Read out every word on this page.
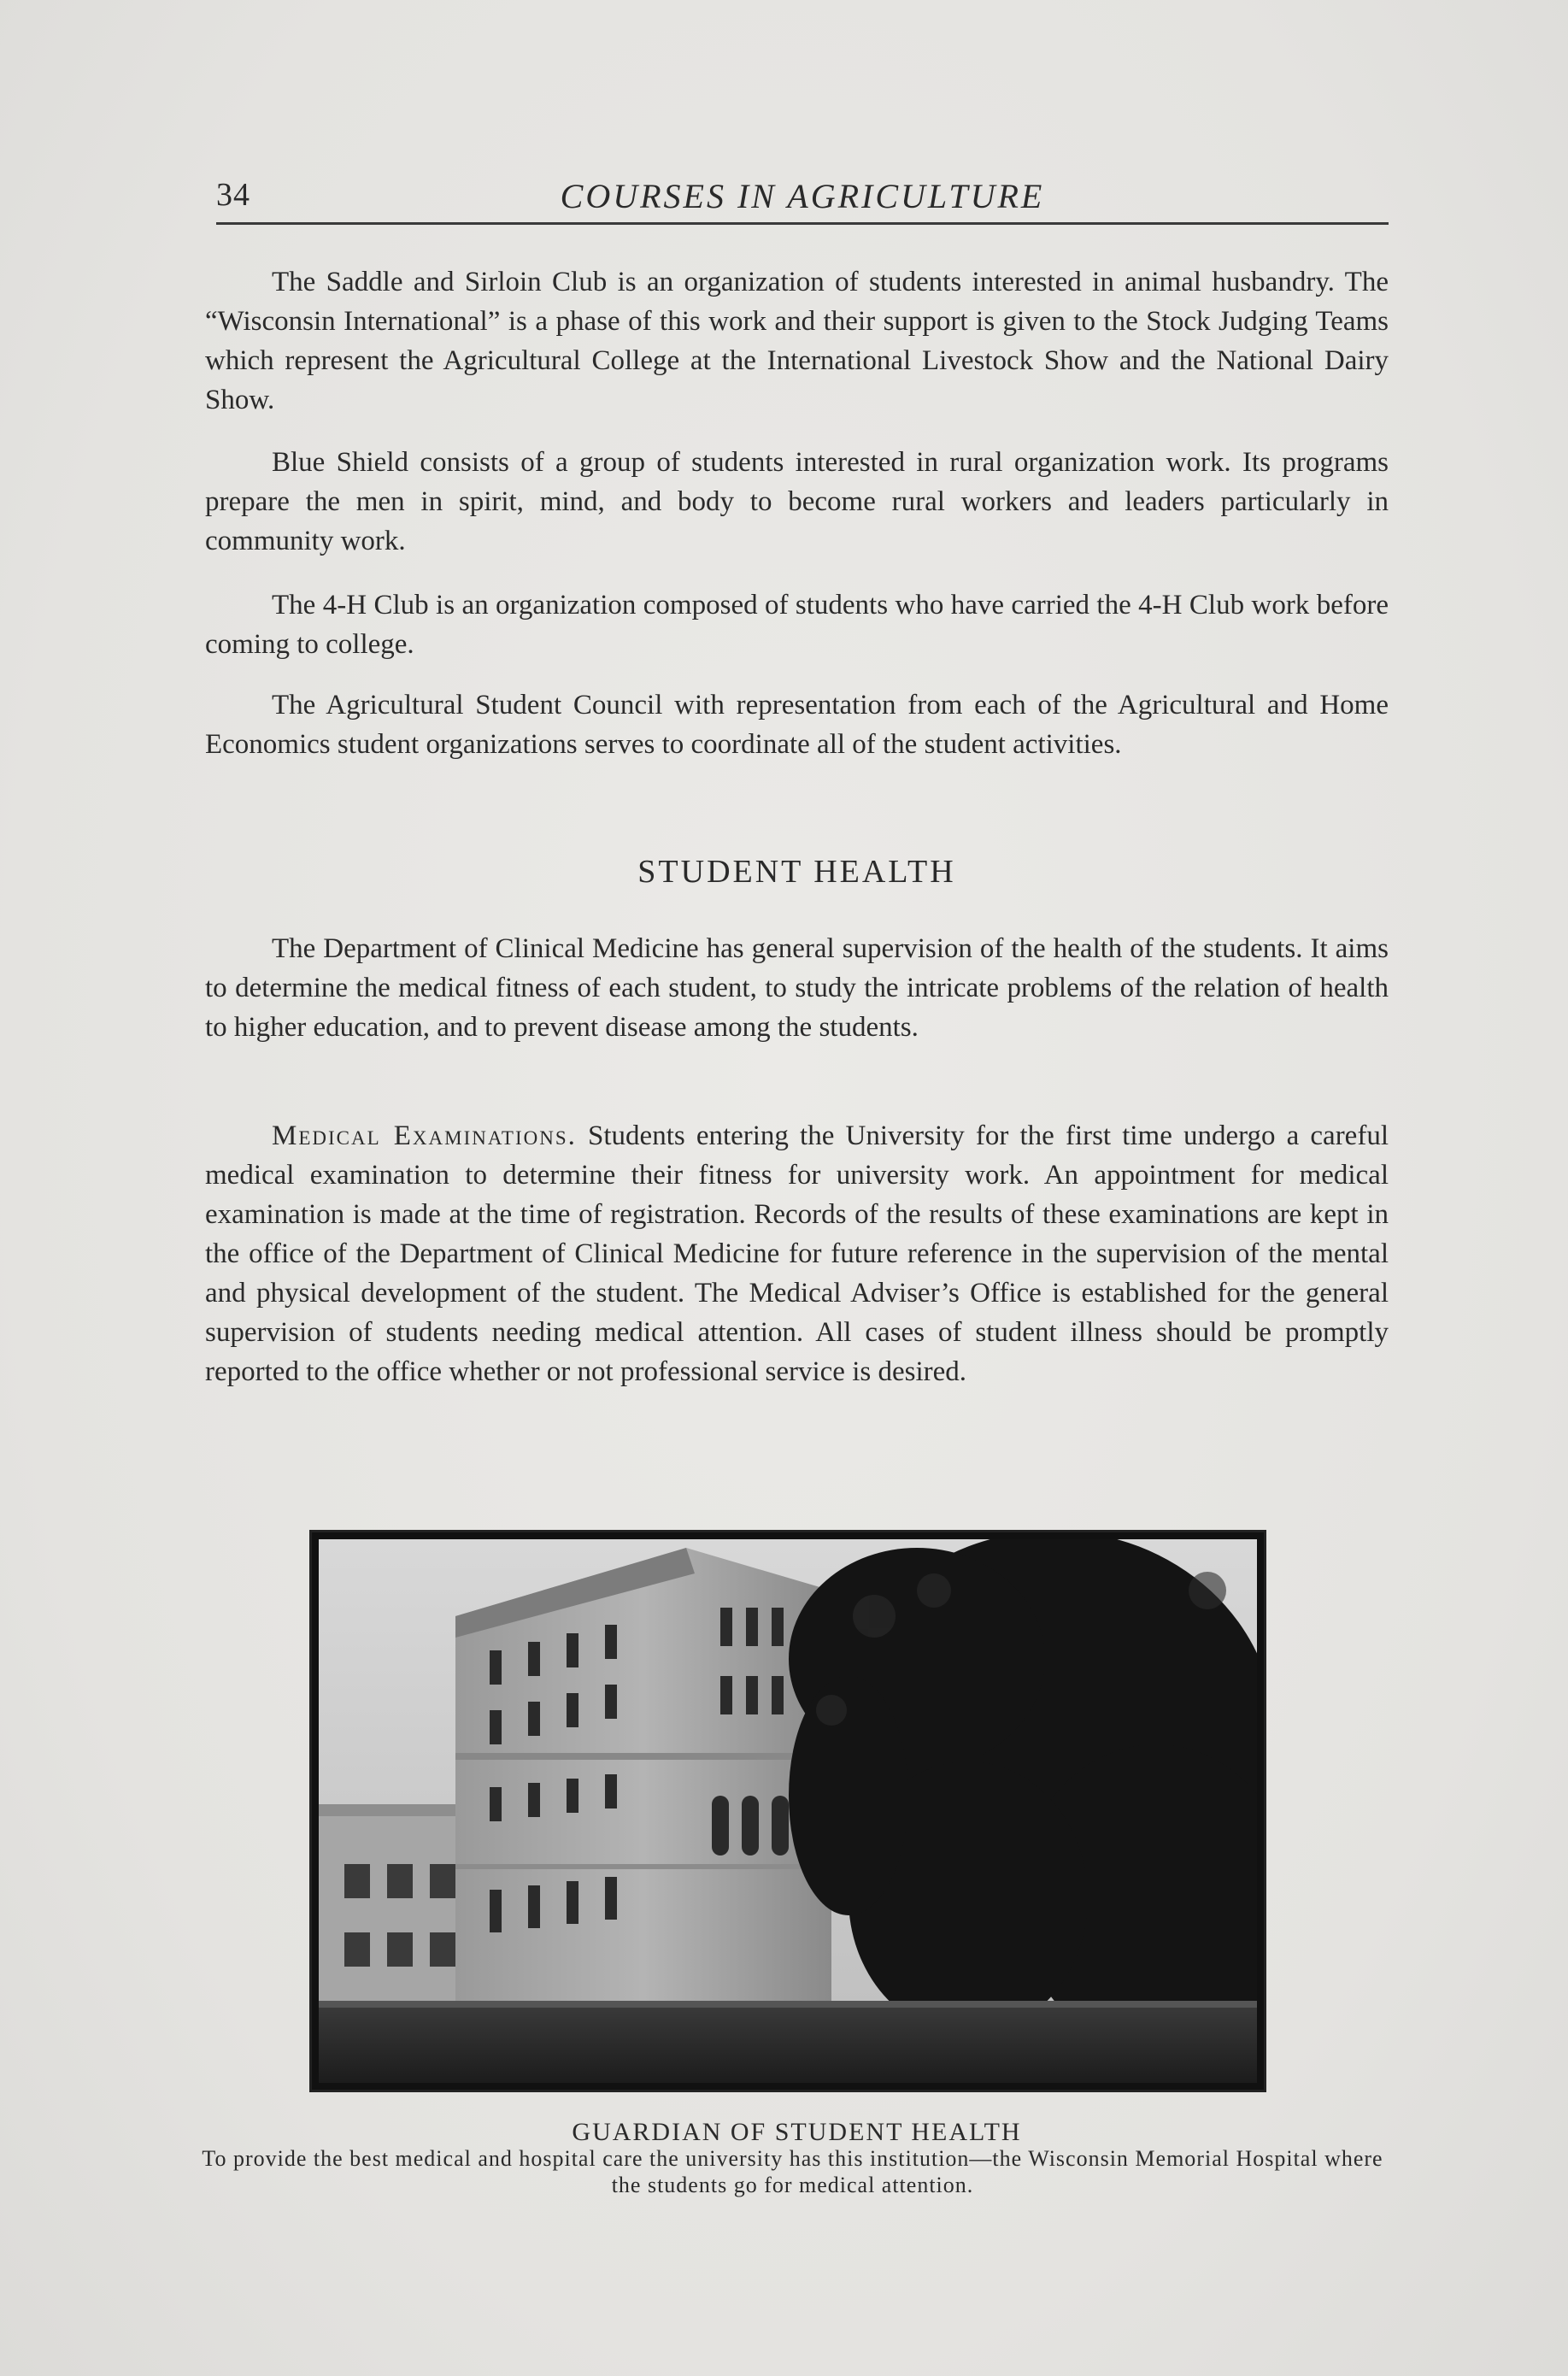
34	COURSES IN AGRICULTURE

The Saddle and Sirloin Club is an organization of students interested in animal husbandry. The “Wisconsin International” is a phase of this work and their support is given to the Stock Judging Teams which represent the Agricultural College at the International Livestock Show and the National Dairy Show.

Blue Shield consists of a group of students interested in rural organization work. Its programs prepare the men in spirit, mind, and body to become rural workers and leaders particularly in community work.

The 4-H Club is an organization composed of students who have carried the 4-H Club work before coming to college.

The Agricultural Student Council with representation from each of the Agricultural and Home Economics student organizations serves to coordinate all of the student activities.

STUDENT HEALTH

The Department of Clinical Medicine has general supervision of the health of the students. It aims to determine the medical fitness of each student, to study the intricate problems of the relation of health to higher education, and to prevent disease among the students.

Medical Examinations. Students entering the University for the first time undergo a careful medical examination to determine their fitness for university work. An appointment for medical examination is made at the time of registration. Records of the results of these examinations are kept in the office of the Department of Clinical Medicine for future reference in the supervision of the mental and physical development of the student. The Medical Adviser’s Office is established for the general supervision of students needing medical attention. All cases of student illness should be promptly reported to the office whether or not professional service is desired.

GUARDIAN OF STUDENT HEALTH
To provide the best medical and hospital care the university has this institution—the Wisconsin Memorial Hospital where the students go for medical attention.
